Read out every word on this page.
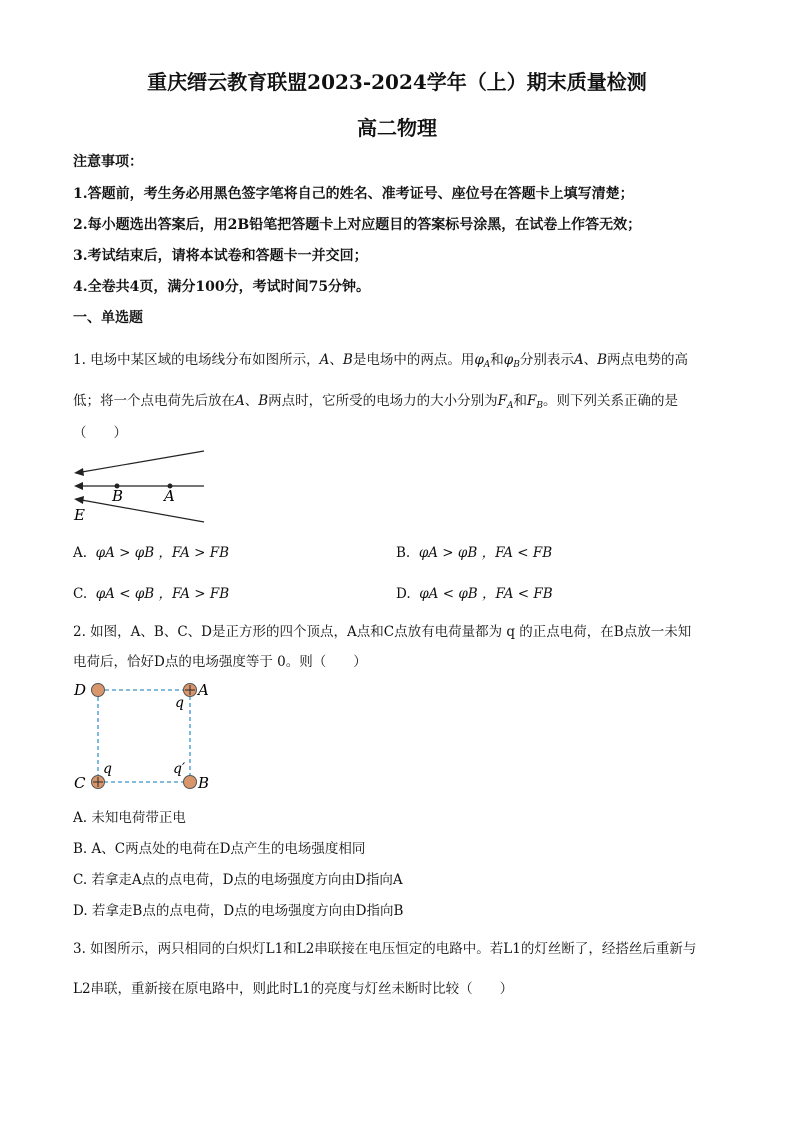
重庆缙云教育联盟2023-2024学年（上）期末质量检测
高二物理
注意事项：
1.答题前，考生务必用黑色签字笔将自己的姓名、准考证号、座位号在答题卡上填写清楚；
2.每小题选出答案后，用2B铅笔把答题卡上对应题目的答案标号涂黑，在试卷上作答无效；
3.考试结束后，请将本试卷和答题卡一并交回；
4.全卷共4页，满分100分，考试时间75分钟。
一、单选题
1. 电场中某区域的电场线分布如图所示，A、B是电场中的两点。用$\varphi_A$和$\varphi_B$分别表示A、B两点电势的高
低；将一个点电荷先后放在A、B两点时，它所受的电场力的大小分别为$F_A$和$F_B$。则下列关系正确的是
（　　）
B	A
E
A. φA > φB ，FA > FB	B. φA > φB ，FA < FB
C. φA < φB ，FA > FB	D. φA < φB ，FA < FB
2. 如图，A、B、C、D是正方形的四个顶点，A点和C点放有电荷量都为 q 的正点电荷，在B点放一未知
电荷后，恰好D点的电场强度等于 0。则（　　）
D	A
B
C
q
q	q′
A. 未知电荷带正电
B. A、C两点处的电荷在D点产生的电场强度相同
C. 若拿走A点的点电荷，D点的电场强度方向由D指向A
D. 若拿走B点的点电荷，D点的电场强度方向由D指向B
3. 如图所示，两只相同的白炽灯L1和L2串联接在电压恒定的电路中。若L1的灯丝断了，经搭丝后重新与
L2串联，重新接在原电路中，则此时L1的亮度与灯丝未断时比较（　　）
